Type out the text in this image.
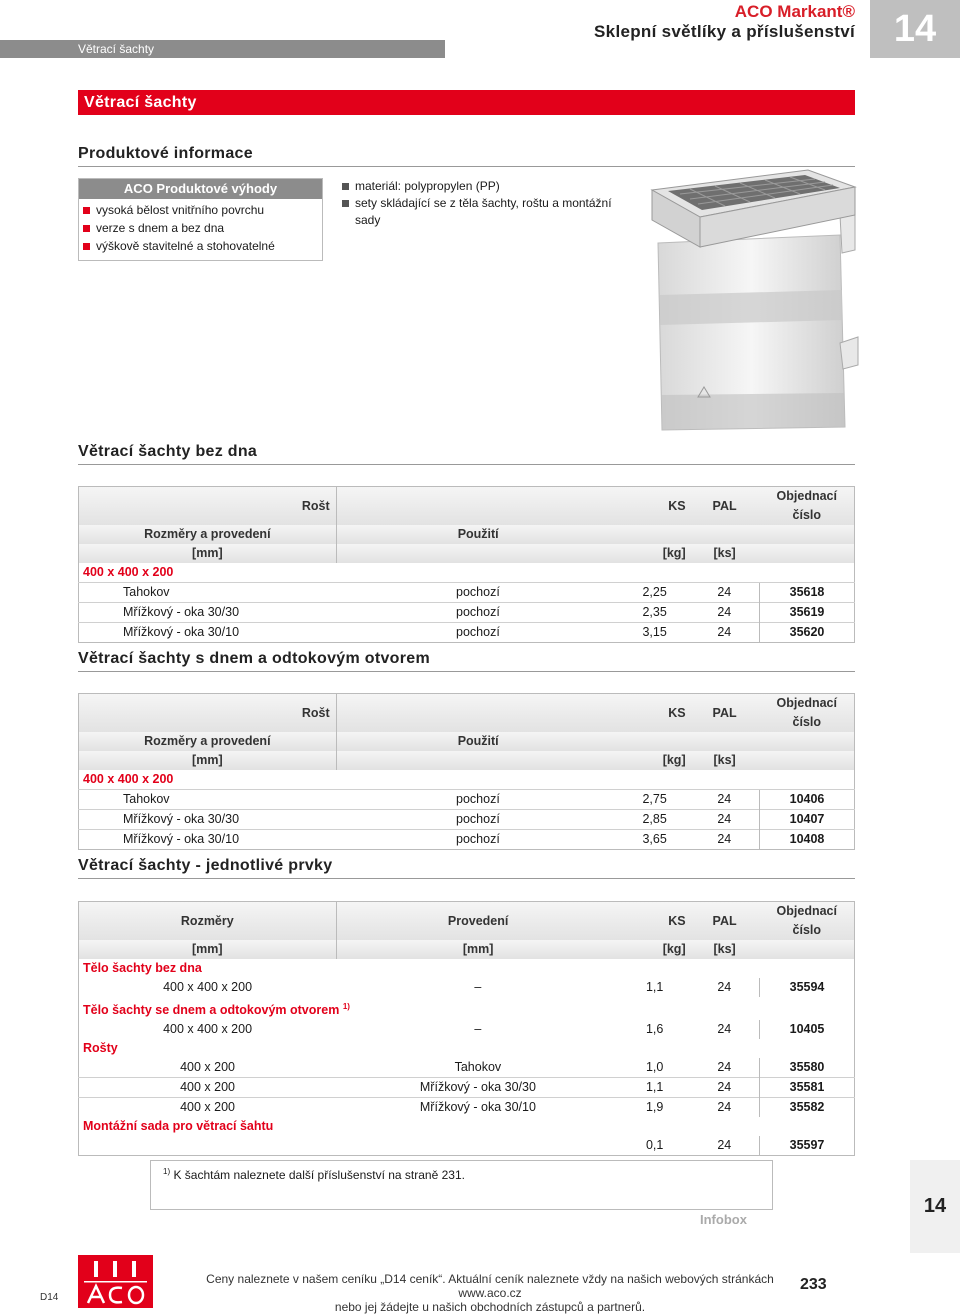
Větrací šachty
ACO Markant®
Sklepní světlíky a příslušenství	14
Větrací šachty
Produktové informace
ACO Produktové výhody
vysoká bělost vnitřního povrchu
verze s dnem a bez dna
výškově stavitelné a stohovatelné
materiál: polypropylen (PP)
sety skládající se z těla šachty, roštu a montážní sady
Větrací šachty bez dna
Rošt		KS	PAL	Objednací číslo
Rozměry a provedení	Použití			
[mm]		[kg]	[ks]	
400 x 400 x 200				
Tahokov	pochozí	2,25	24	35618
Mřížkový - oka 30/30	pochozí	2,35	24	35619
Mřížkový - oka 30/10	pochozí	3,15	24	35620
Větrací šachty s dnem a odtokovým otvorem
Rošt		KS	PAL	Objednací číslo
Rozměry a provedení	Použití			
[mm]		[kg]	[ks]	
400 x 400 x 200				
Tahokov	pochozí	2,75	24	10406
Mřížkový - oka 30/30	pochozí	2,85	24	10407
Mřížkový - oka 30/10	pochozí	3,65	24	10408
Větrací šachty - jednotlivé prvky
Rozměry	Provedení	KS	PAL	Objednací číslo
[mm]	[mm]	[kg]	[ks]	
Tělo šachty bez dna				
400 x 400 x 200	–	1,1	24	35594
Tělo šachty se dnem a odtokovým otvorem $^{1)}$
400 x 400 x 200	–	1,6	24	10405
Rošty				
400 x 200	Tahokov	1,0	24	35580
400 x 200	Mřížkový - oka 30/30	1,1	24	35581
400 x 200	Mřížkový - oka 30/10	1,9	24	35582
Montážní sada pro větrací šahtu				
		0,1	24	35597
$^{1)}$ K šachtám naleznete další příslušenství na straně 231.
Infobox
14
D14
Ceny naleznete v našem ceníku „D14 ceník“. Aktuální ceník naleznete vždy na našich webových stránkách www.aco.cz
nebo jej žádejte u našich obchodních zástupců a partnerů.
233
